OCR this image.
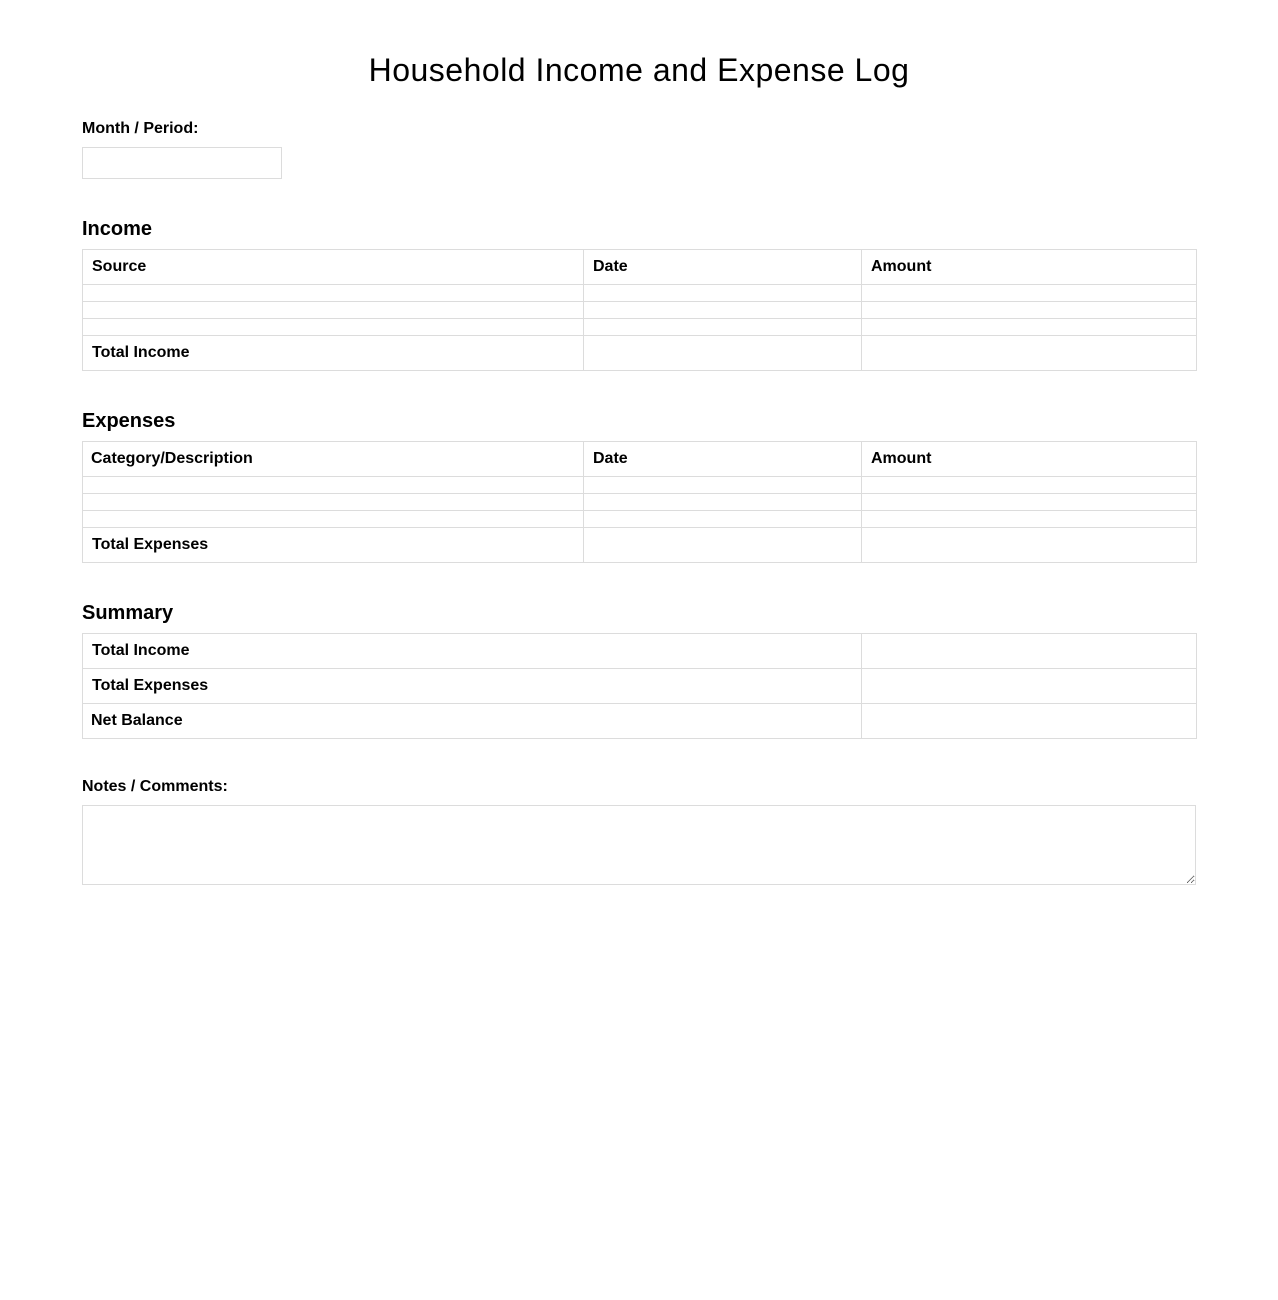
Household Income and Expense Log
Month / Period:
Income
Source	Date	Amount

Total Income		
Expenses
Category/Description	Date	Amount

Total Expenses		
Summary
Total Income	
Total Expenses	
Net Balance	
Notes / Comments:
